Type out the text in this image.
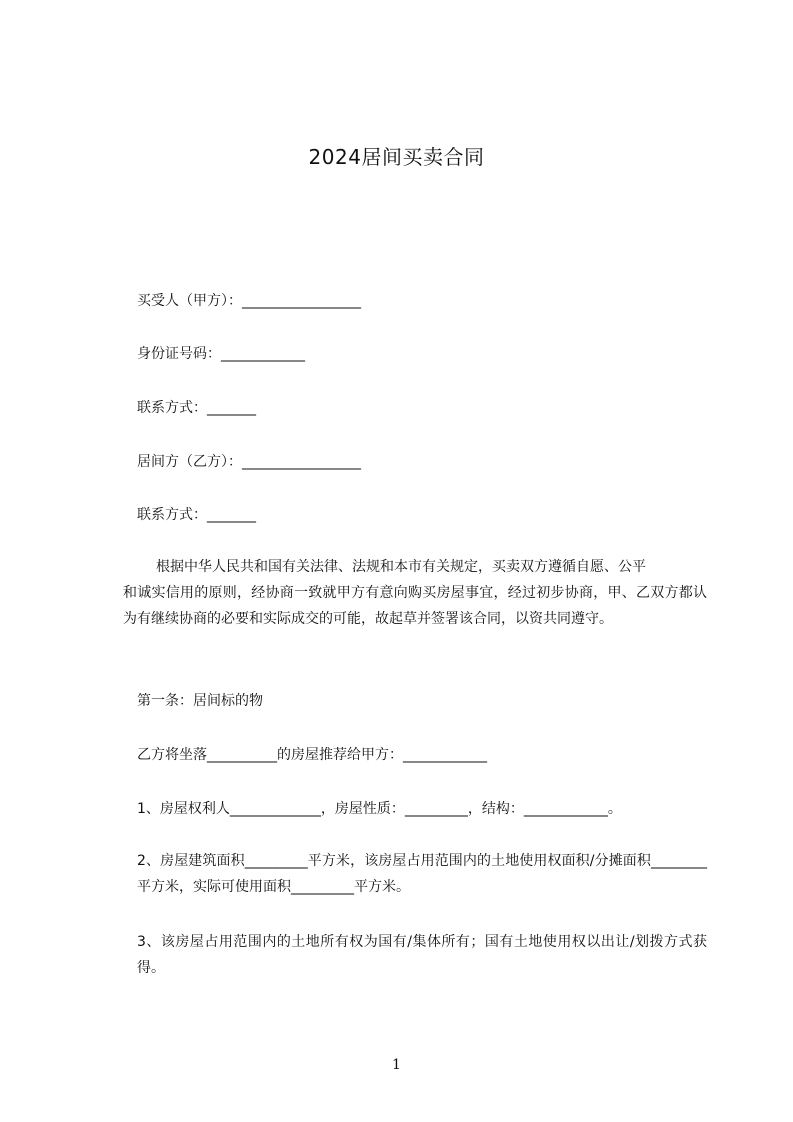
2024居间买卖合同
买受人（甲方）：_________________
身份证号码：____________
联系方式：_______
居间方（乙方）：_________________
联系方式：_______
根据中华人民共和国有关法律、法规和本市有关规定，买卖双方遵循自愿、公平
和诚实信用的原则，经协商一致就甲方有意向购买房屋事宜，经过初步协商，甲、乙双方都认为有继续协商的必要和实际成交的可能，故起草并签署该合同，以资共同遵守。
第一条：居间标的物
乙方将坐落__________的房屋推荐给甲方：____________
1、房屋权利人_____________，房屋性质：_________，结构：____________。
2、房屋建筑面积_________平方米，该房屋占用范围内的土地使用权面积/分摊面积________平方米，实际可使用面积_________平方米。
3、该房屋占用范围内的土地所有权为国有/集体所有；国有土地使用权以出让/划拨方式获得。
1
